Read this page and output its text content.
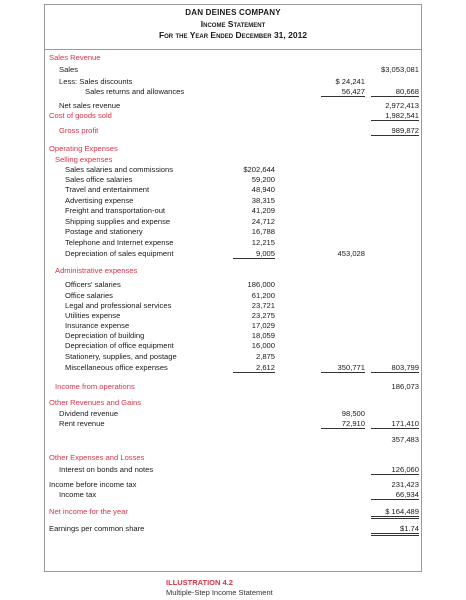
DAN DEINES COMPANY
Income Statement
For the Year Ended December 31, 2012
Sales Revenue
Sales	$3,053,081
Less: Sales discounts	$ 24,241
Sales returns and allowances	56,427	80,668
Net sales revenue	2,972,413
Cost of goods sold	1,982,541
Gross profit	989,872
Operating Expenses
Selling expenses
Sales salaries and commissions	$202,644
Sales office salaries	59,200
Travel and entertainment	48,940
Advertising expense	38,315
Freight and transportation-out	41,209
Shipping supplies and expense	24,712
Postage and stationery	16,788
Telephone and Internet expense	12,215
Depreciation of sales equipment	9,005	453,028
Administrative expenses
Officers' salaries	186,000
Office salaries	61,200
Legal and professional services	23,721
Utilities expense	23,275
Insurance expense	17,029
Depreciation of building	18,059
Depreciation of office equipment	16,000
Stationery, supplies, and postage	2,875
Miscellaneous office expenses	2,612	350,771	803,799
Income from operations	186,073
Other Revenues and Gains
Dividend revenue	98,500
Rent revenue	72,910	171,410
357,483
Other Expenses and Losses
Interest on bonds and notes	126,060
Income before income tax	231,423
Income tax	66,934
Net income for the year	$ 164,489
Earnings per common share	$1.74
ILLUSTRATION 4.2
Multiple-Step Income Statement
